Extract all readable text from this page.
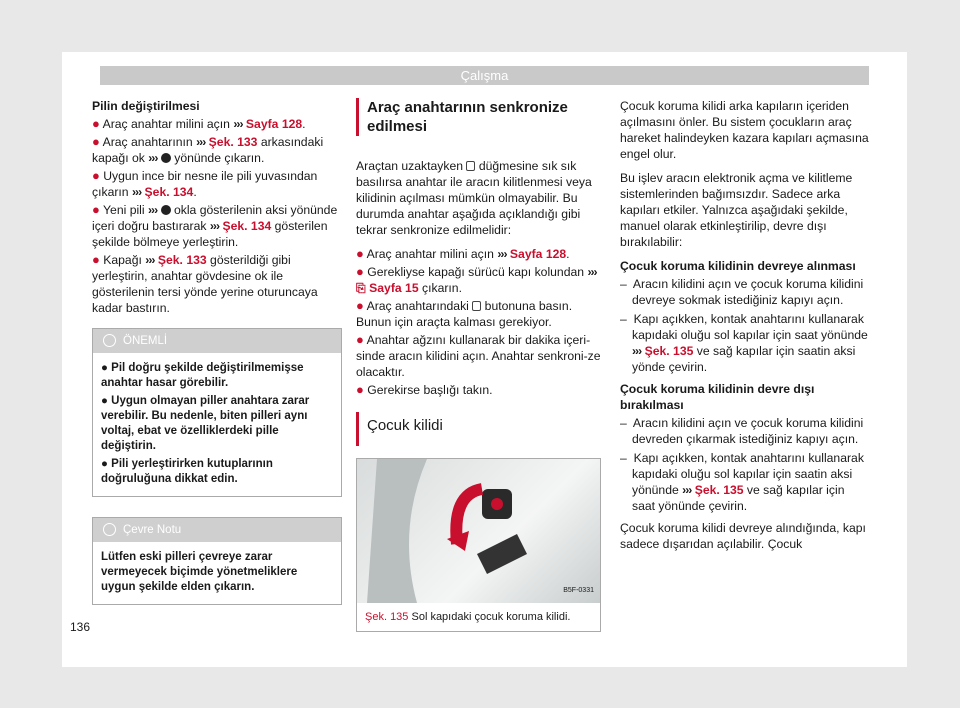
Çalışma
Pilin değiştirilmesi
● Araç anahtar milini açın ››› Sayfa 128.
● Araç anahtarının ››› Şek. 133 arkasındaki kapağı ok ››› yönünde çıkarın.
● Uygun ince bir nesne ile pili yuvasından çıkarın ››› Şek. 134.
● Yeni pili ››› okla gösterilenin aksi yönünde içeri doğru bastırarak ››› Şek. 134 gösterilen şekilde bölmeye yerleştirin.
● Kapağı ››› Şek. 133 gösterildiği gibi yerleştirin, anahtar gövdesine ok ile gösterilenin tersi yönde yerine oturuncaya kadar bastırın.
ÖNEMLİ
● Pil doğru şekilde değiştirilmemişse anahtar hasar görebilir.
● Uygun olmayan piller anahtara zarar verebilir. Bu nedenle, biten pilleri aynı voltaj, ebat ve özelliklerdeki pille değiştirin.
● Pili yerleştirirken kutuplarının doğruluğuna dikkat edin.
Çevre Notu
Lütfen eski pilleri çevreye zarar vermeyecek biçimde yönetmeliklere uygun şekilde elden çıkarın.
Araç anahtarının senkronize edilmesi
Araçtan uzaktayken düğmesine sık sık basılırsa anahtar ile aracın kilitlenmesi veya kilidinin açılması mümkün olmayabilir. Bu durumda anahtar aşağıda açıklandığı gibi tekrar senkronize edilmelidir:
● Araç anahtar milini açın ››› Sayfa 128.
● Gerekliyse kapağı sürücü kapı kolundan ››› ⎘ Sayfa 15 çıkarın.
● Araç anahtarındaki butonuna basın. Bunun için araçta kalması gerekiyor.
● Anahtar ağzını kullanarak bir dakika içeri-sinde aracın kilidini açın. Anahtar senkroni-ze olacaktır.
● Gerekirse başlığı takın.
Çocuk kilidi
B5F-0331
Şek. 135 Sol kapıdaki çocuk koruma kilidi.
Çocuk koruma kilidi arka kapıların içeriden açılmasını önler. Bu sistem çocukların araç hareket halindeyken kazara kapıları açmasına engel olur.
Bu işlev aracın elektronik açma ve kilitleme sistemlerinden bağımsızdır. Sadece arka kapıları etkiler. Yalnızca aşağıdaki şekilde, manuel olarak etkinleştirilip, devre dışı bırakılabilir:
Çocuk koruma kilidinin devreye alınması
–  Aracın kilidini açın ve çocuk koruma kilidini devreye sokmak istediğiniz kapıyı açın.
–  Kapı açıkken, kontak anahtarını kullanarak kapıdaki oluğu sol kapılar için saat yönünde ››› Şek. 135 ve sağ kapılar için saatin aksi yönde çevirin.
Çocuk koruma kilidinin devre dışı bırakılması
–  Aracın kilidini açın ve çocuk koruma kilidini devreden çıkarmak istediğiniz kapıyı açın.
–  Kapı açıkken, kontak anahtarını kullanarak kapıdaki oluğu sol kapılar için saatin aksi yönünde ››› Şek. 135 ve sağ kapılar için saat yönünde çevirin.
Çocuk koruma kilidi devreye alındığında, kapı sadece dışarıdan açılabilir. Çocuk
136
